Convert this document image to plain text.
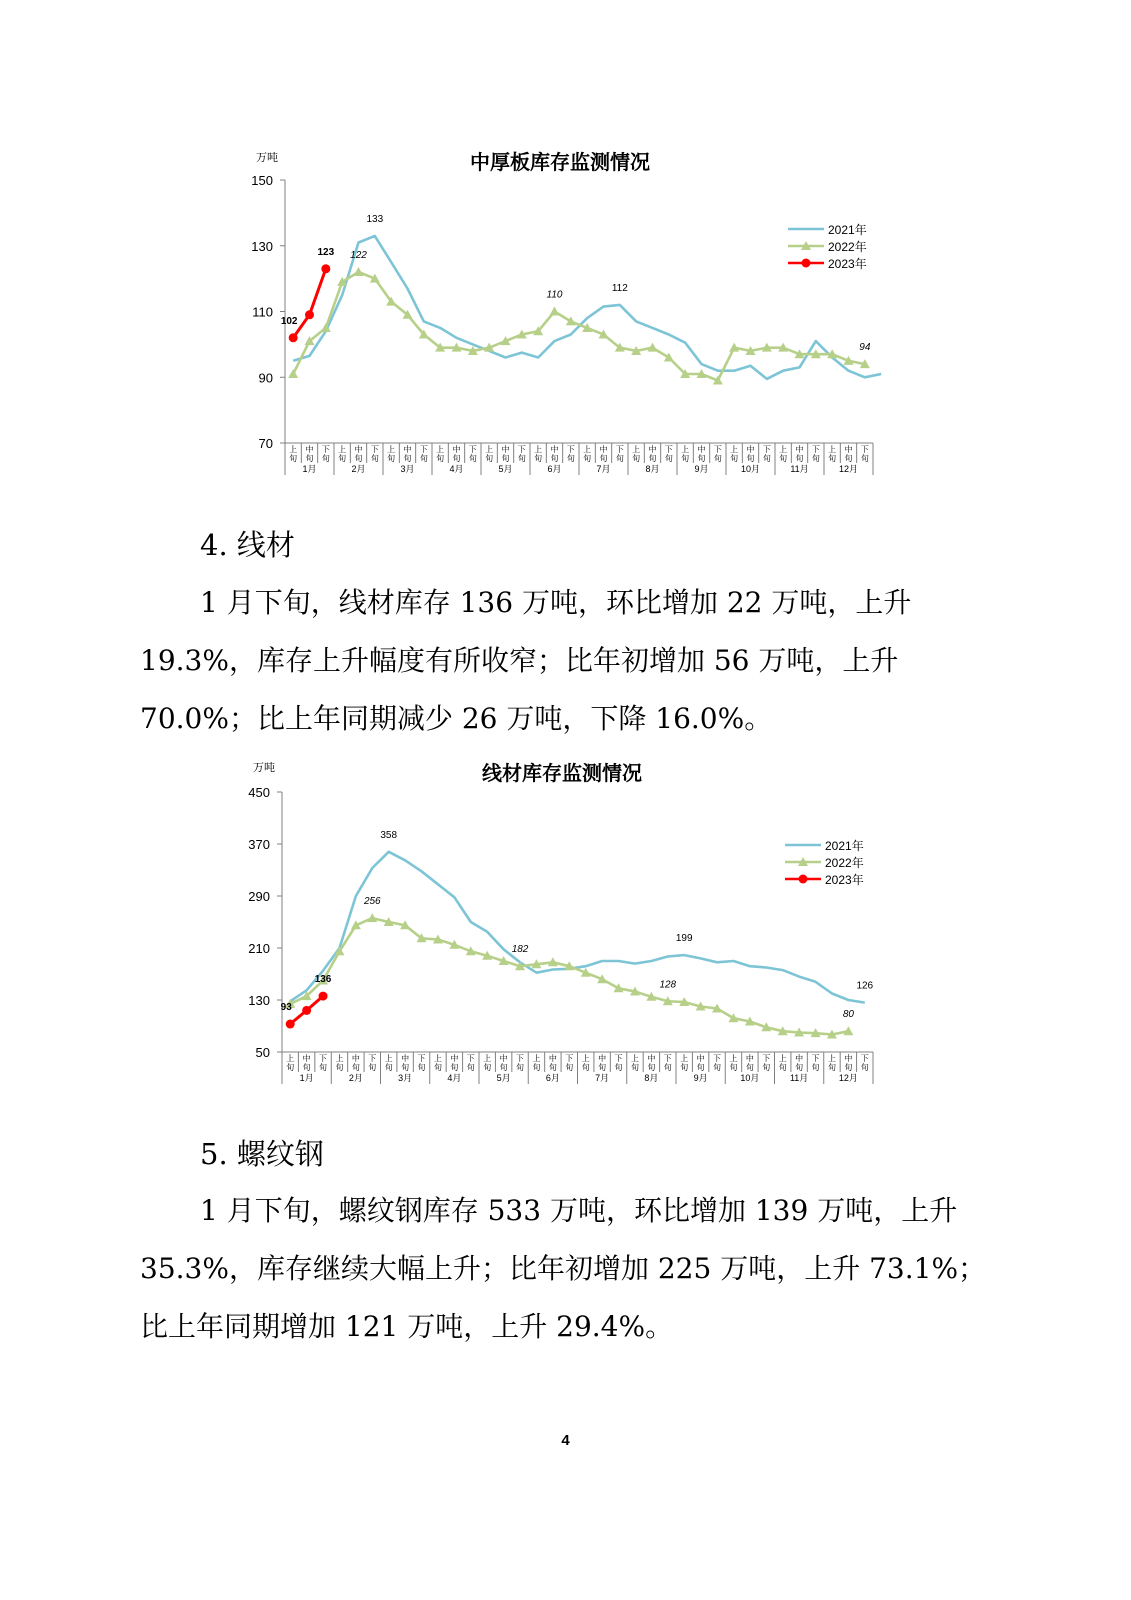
中厚板库存监测情况
万吨
70
90
110
130
150
上
旬
中
旬
下
旬
上
旬
中
旬
下
旬
上
旬
中
旬
下
旬
上
旬
中
旬
下
旬
上
旬
中
旬
下
旬
上
旬
中
旬
下
旬
上
旬
中
旬
下
旬
上
旬
中
旬
下
旬
上
旬
中
旬
下
旬
上
旬
中
旬
下
旬
上
旬
中
旬
下
旬
上
旬
中
旬
下
旬
1月	2月	3月	4月	5月	6月	7月	8月	9月	10月	11月	12月
133
112
122
110
94
102
123
2021年
2022年
2023年
4. 线材

1 月下旬，线材库存 136 万吨，环比增加 22 万吨，上升 19.3%，库存上升幅度有所收窄；比年初增加 56 万吨，上升 70.0%；比上年同期减少 26 万吨，下降 16.0%。

线材库存监测情况
万吨
50
130
210
290
370
450
上
旬
中
旬
下
旬
上
旬
中
旬
下
旬
上
旬
中
旬
下
旬
上
旬
中
旬
下
旬
上
旬
中
旬
下
旬
上
旬
中
旬
下
旬
上
旬
中
旬
下
旬
上
旬
中
旬
下
旬
上
旬
中
旬
下
旬
上
旬
中
旬
下
旬
上
旬
中
旬
下
旬
上
旬
中
旬
下
旬
1月	2月	3月	4月	5月	6月	7月	8月	9月	10月	11月	12月
358
199
126
256
182
128
80
93
136
2021年
2022年
2023年
5. 螺纹钢

1 月下旬，螺纹钢库存 533 万吨，环比增加 139 万吨，上升 35.3%，库存继续大幅上升；比年初增加 225 万吨，上升 73.1%；比上年同期增加 121 万吨，上升 29.4%。

4
